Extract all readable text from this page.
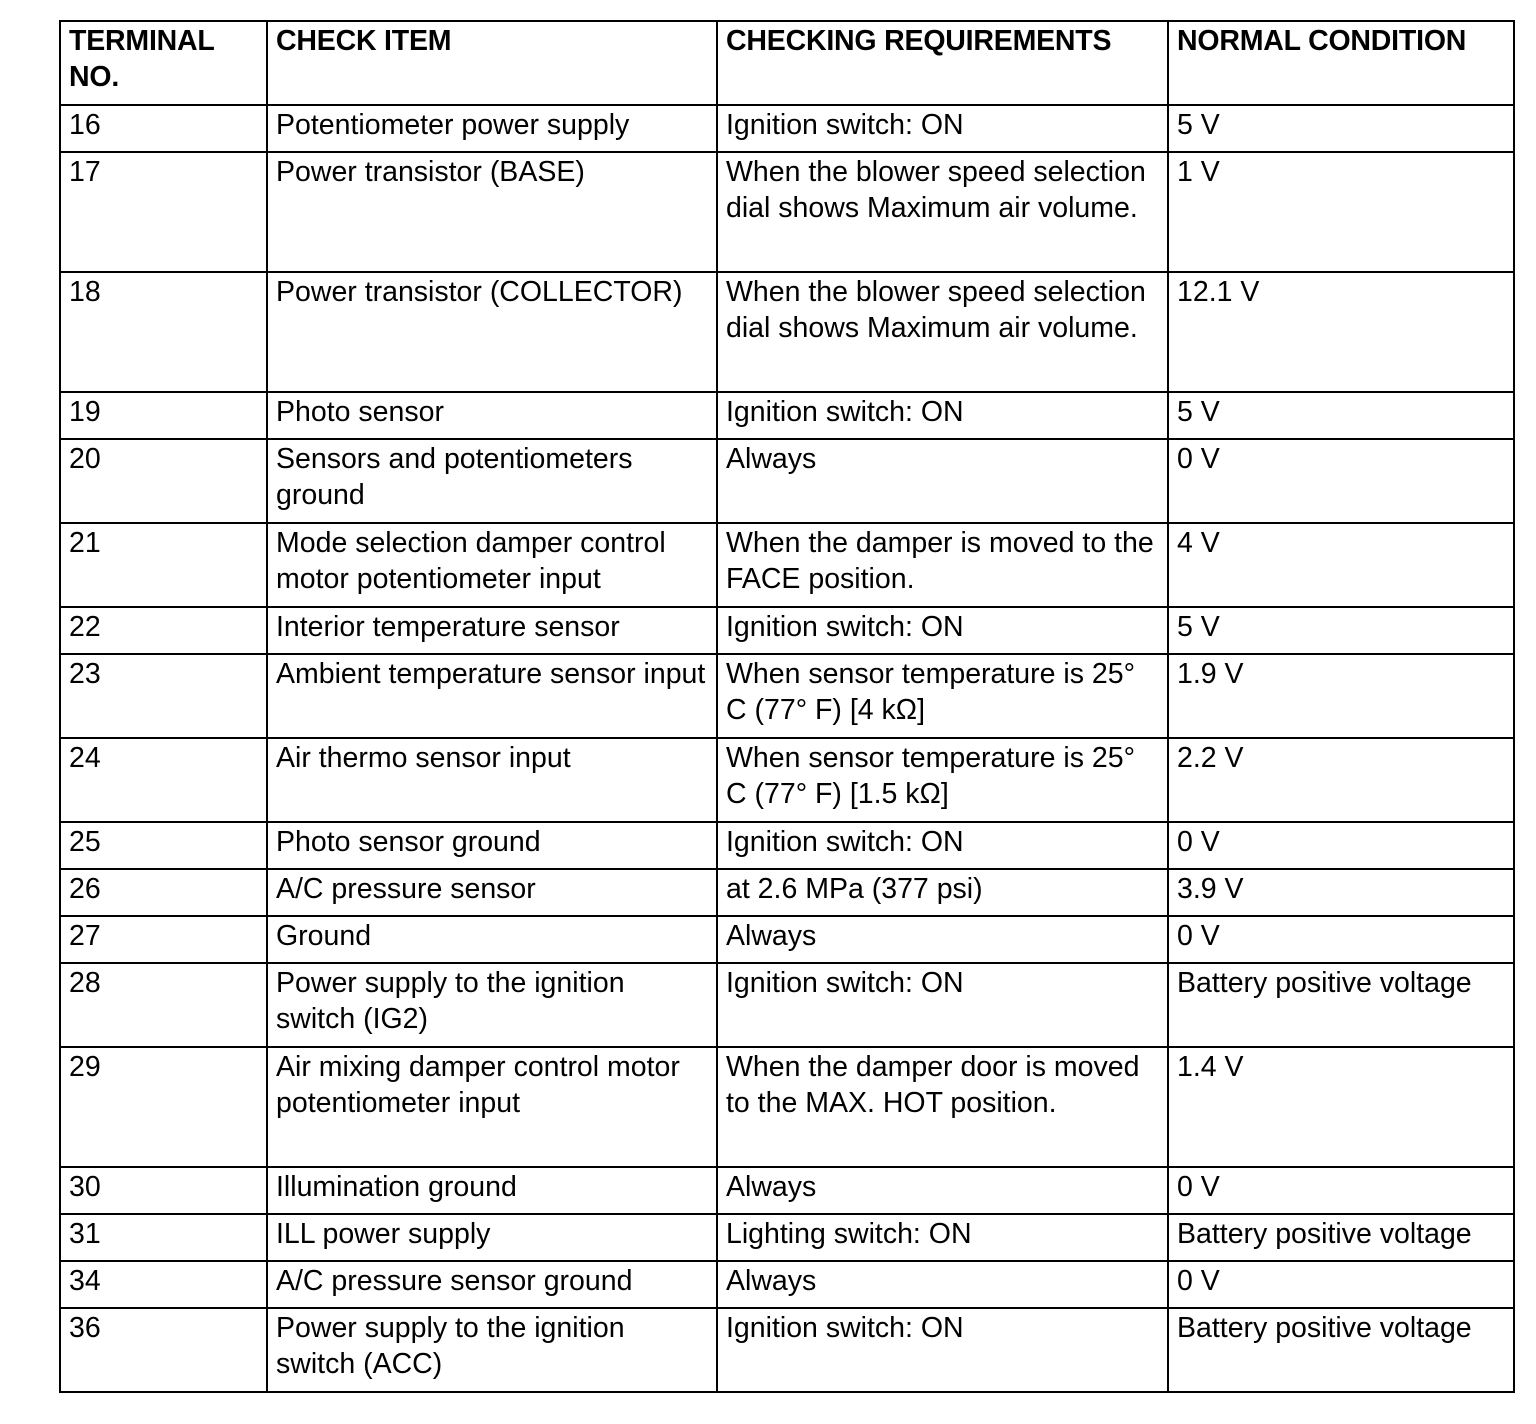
TERMINAL NO.	CHECK ITEM	CHECKING REQUIREMENTS	NORMAL CONDITION
16	Potentiometer power supply	Ignition switch: ON	5 V
17	Power transistor (BASE)	When the blower speed selection dial shows Maximum air volume.	1 V
18	Power transistor (COLLECTOR)	When the blower speed selection dial shows Maximum air volume.	12.1 V
19	Photo sensor	Ignition switch: ON	5 V
20	Sensors and potentiometers ground	Always	0 V
21	Mode selection damper control motor potentiometer input	When the damper is moved to the FACE position.	4 V
22	Interior temperature sensor	Ignition switch: ON	5 V
23	Ambient temperature sensor input	When sensor temperature is 25° C (77° F) [4 kΩ]	1.9 V
24	Air thermo sensor input	When sensor temperature is 25° C (77° F) [1.5 kΩ]	2.2 V
25	Photo sensor ground	Ignition switch: ON	0 V
26	A/C pressure sensor	at 2.6 MPa (377 psi)	3.9 V
27	Ground	Always	0 V
28	Power supply to the ignition switch (IG2)	Ignition switch: ON	Battery positive voltage
29	Air mixing damper control motor potentiometer input	When the damper door is moved to the MAX. HOT position.	1.4 V
30	Illumination ground	Always	0 V
31	ILL power supply	Lighting switch: ON	Battery positive voltage
34	A/C pressure sensor ground	Always	0 V
36	Power supply to the ignition switch (ACC)	Ignition switch: ON	Battery positive voltage
